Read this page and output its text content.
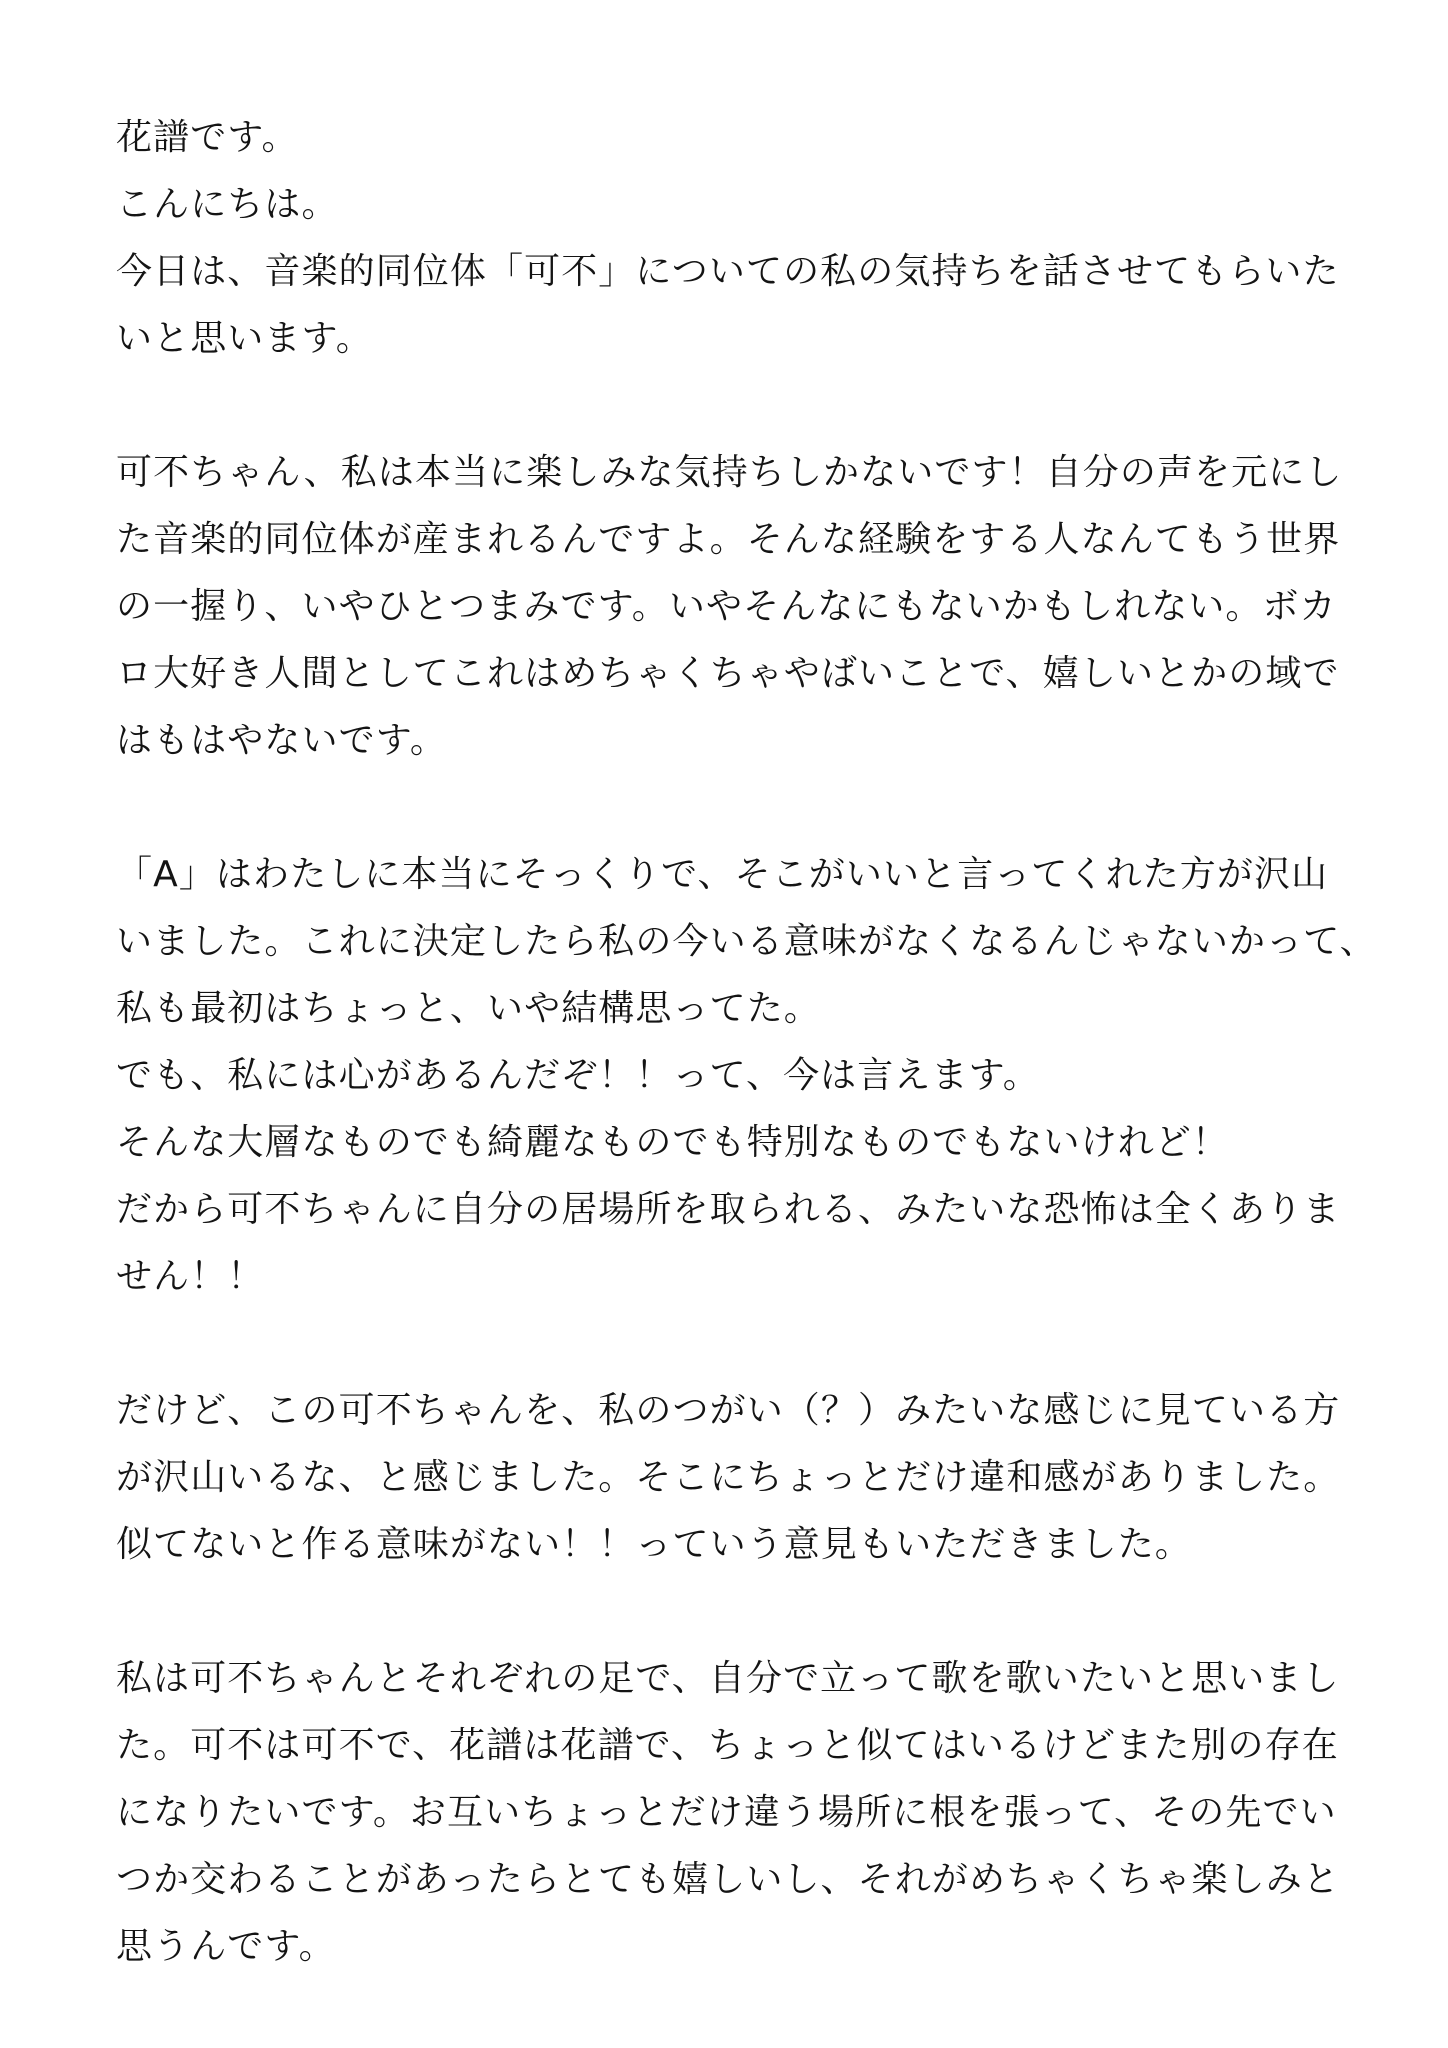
花譜です。

こんにちは。

今日は、音楽的同位体「可不」についての私の気持ちを話させてもらいた

いと思います。

可不ちゃん、私は本当に楽しみな気持ちしかないです！自分の声を元にし

た音楽的同位体が産まれるんですよ。そんな経験をする人なんてもう世界

の一握り、いやひとつまみです。いやそんなにもないかもしれない。ボカ

ロ大好き人間としてこれはめちゃくちゃやばいことで、嬉しいとかの域で

はもはやないです。

「A」はわたしに本当にそっくりで、そこがいいと言ってくれた方が沢山

いました。これに決定したら私の今いる意味がなくなるんじゃないかって、

私も最初はちょっと、いや結構思ってた。

でも、私には心があるんだぞ！！って、今は言えます。

そんな大層なものでも綺麗なものでも特別なものでもないけれど！

だから可不ちゃんに自分の居場所を取られる、みたいな恐怖は全くありま

せん！！

だけど、この可不ちゃんを、私のつがい（？）みたいな感じに見ている方

が沢山いるな、と感じました。そこにちょっとだけ違和感がありました。

似てないと作る意味がない！！っていう意見もいただきました。

私は可不ちゃんとそれぞれの足で、自分で立って歌を歌いたいと思いまし

た。可不は可不で、花譜は花譜で、ちょっと似てはいるけどまた別の存在

になりたいです。お互いちょっとだけ違う場所に根を張って、その先でい

つか交わることがあったらとても嬉しいし、それがめちゃくちゃ楽しみと

思うんです。
